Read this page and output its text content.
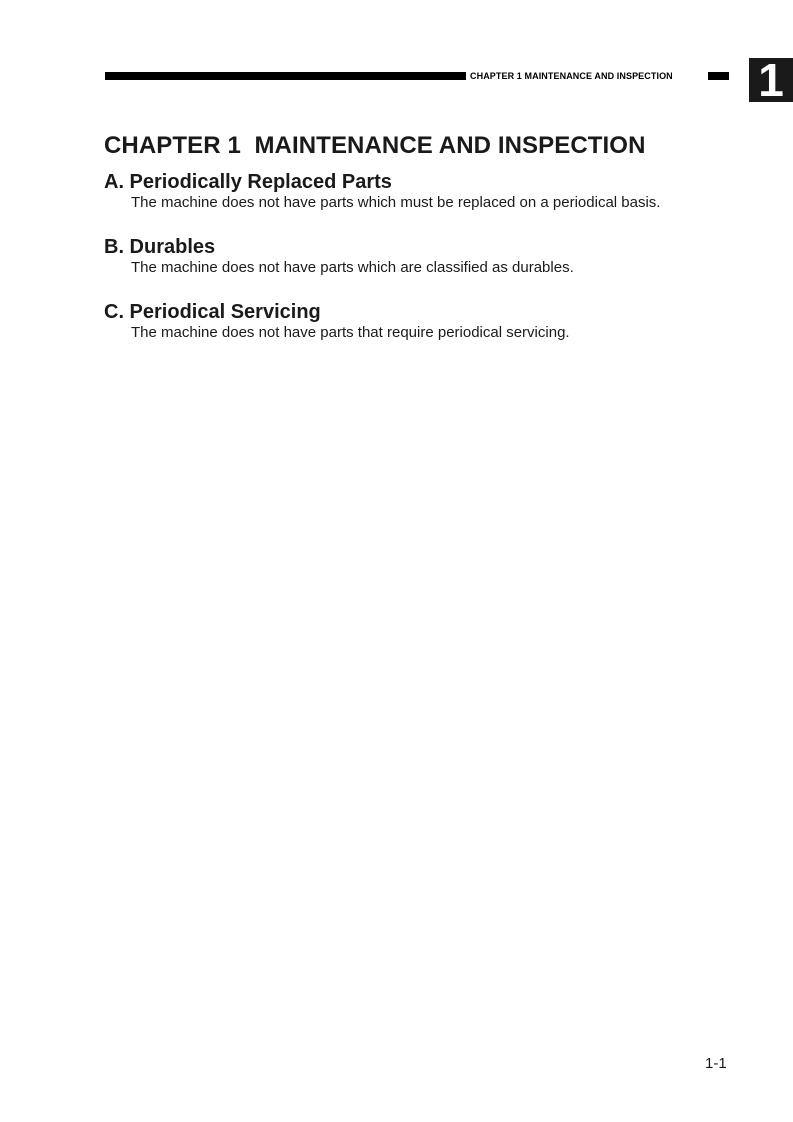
CHAPTER 1 MAINTENANCE AND INSPECTION 1
CHAPTER 1  MAINTENANCE AND INSPECTION
A. Periodically Replaced Parts
The machine does not have parts which must be replaced on a periodical basis.
B. Durables
The machine does not have parts which are classified as durables.
C. Periodical Servicing
The machine does not have parts that require periodical servicing.
1-1
